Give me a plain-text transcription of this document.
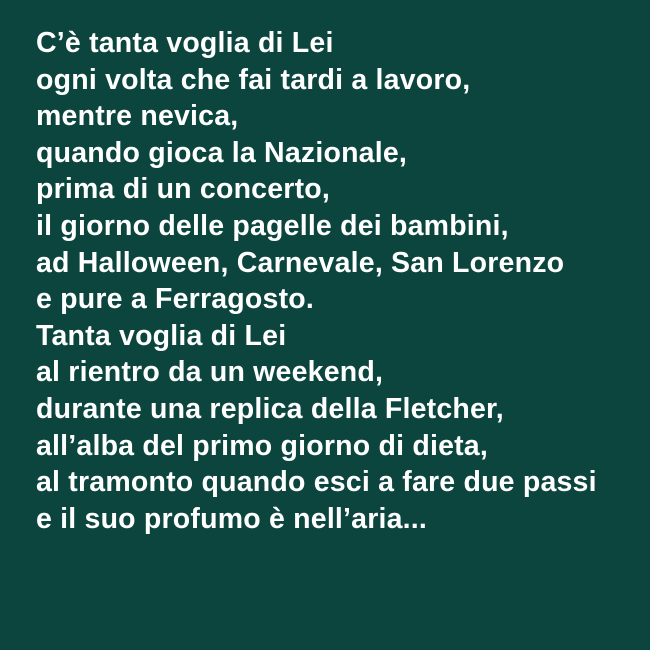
C’è tanta voglia di Lei
ogni volta che fai tardi a lavoro,
mentre nevica,
quando gioca la Nazionale,
prima di un concerto,
il giorno delle pagelle dei bambini,
ad Halloween, Carnevale, San Lorenzo
e pure a Ferragosto.
Tanta voglia di Lei
al rientro da un weekend,
durante una replica della Fletcher,
all’alba del primo giorno di dieta,
al tramonto quando esci a fare due passi
e il suo profumo è nell’aria...
